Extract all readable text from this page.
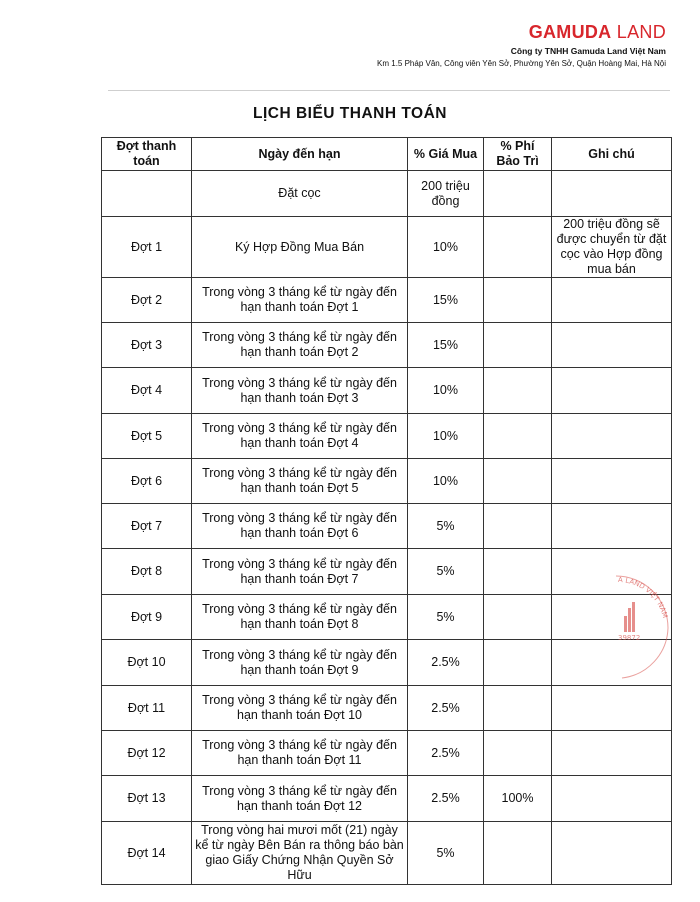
GAMUDA LAND
Công ty TNHH Gamuda Land Việt Nam
Km 1.5 Pháp Vân, Công viên Yên Sở, Phường Yên Sở, Quận Hoàng Mai, Hà Nội
LỊCH BIỂU THANH TOÁN
Đợt thanh toán	Ngày đến hạn	% Giá Mua	% Phí Bảo Trì	Ghi chú
	Đặt cọc	200 triệu đồng		
Đợt 1	Ký Hợp Đồng Mua Bán	10%		200 triệu đồng sẽ được chuyển từ đặt cọc vào Hợp đồng mua bán
Đợt 2	Trong vòng 3 tháng kể từ ngày đến hạn thanh toán Đợt 1	15%		
Đợt 3	Trong vòng 3 tháng kể từ ngày đến hạn thanh toán Đợt 2	15%		
Đợt 4	Trong vòng 3 tháng kể từ ngày đến hạn thanh toán Đợt 3	10%		
Đợt 5	Trong vòng 3 tháng kể từ ngày đến hạn thanh toán Đợt 4	10%		
Đợt 6	Trong vòng 3 tháng kể từ ngày đến hạn thanh toán Đợt 5	10%		
Đợt 7	Trong vòng 3 tháng kể từ ngày đến hạn thanh toán Đợt 6	5%		
Đợt 8	Trong vòng 3 tháng kể từ ngày đến hạn thanh toán Đợt 7	5%		
Đợt 9	Trong vòng 3 tháng kể từ ngày đến hạn thanh toán Đợt 8	5%		
Đợt 10	Trong vòng 3 tháng kể từ ngày đến hạn thanh toán Đợt 9	2.5%		
Đợt 11	Trong vòng 3 tháng kể từ ngày đến hạn thanh toán Đợt 10	2.5%		
Đợt 12	Trong vòng 3 tháng kể từ ngày đến hạn thanh toán Đợt 11	2.5%		
Đợt 13	Trong vòng 3 tháng kể từ ngày đến hạn thanh toán Đợt 12	2.5%	100%	
Đợt 14	Trong vòng hai mươi mốt (21) ngày kể từ ngày Bên Bán ra thông báo bàn giao Giấy Chứng Nhận Quyền Sở Hữu	5%		
39872
A LAND VIỆT NAM
